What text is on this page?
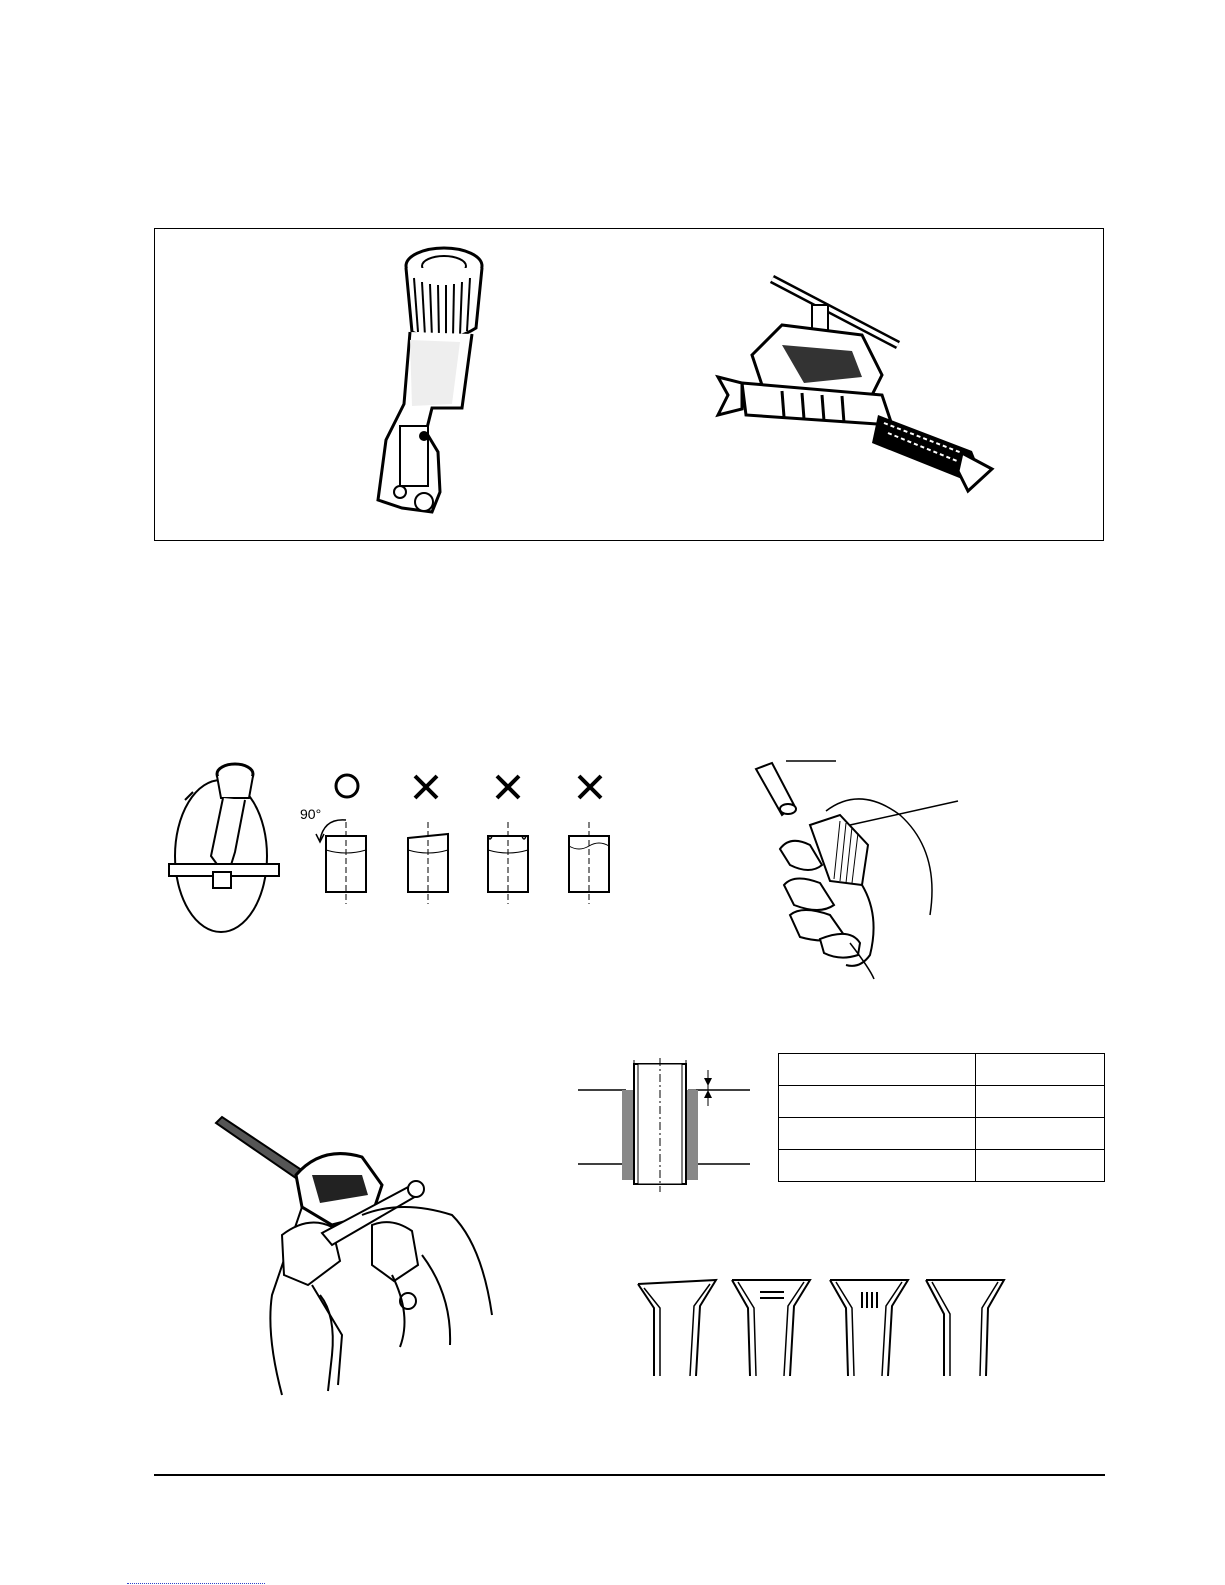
90°
